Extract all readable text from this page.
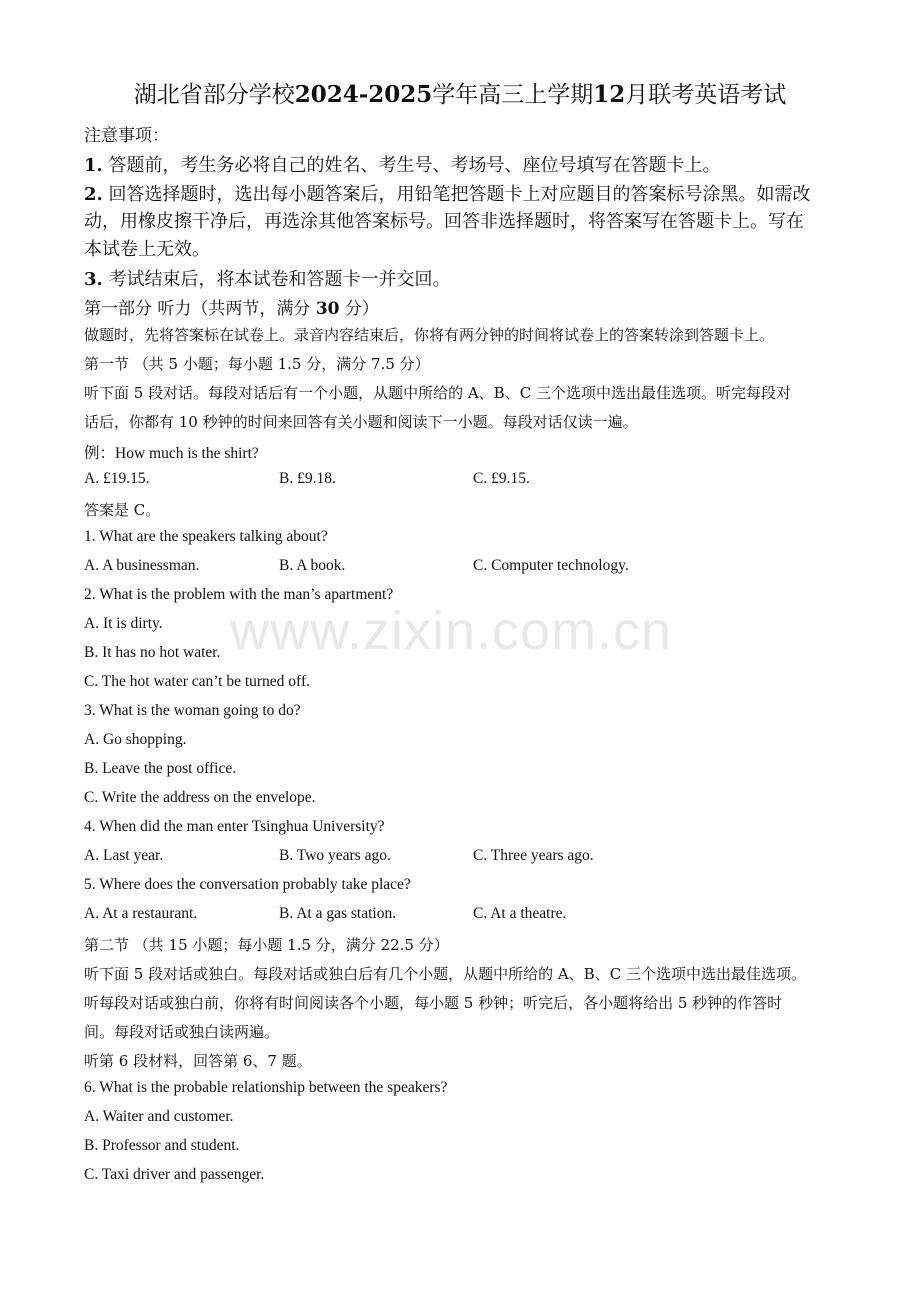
湖北省部分学校2024-2025学年高三上学期12月联考英语考试
注意事项：
1. 答题前，考生务必将自己的姓名、考生号、考场号、座位号填写在答题卡上。
2. 回答选择题时，选出每小题答案后，用铅笔把答题卡上对应题目的答案标号涂黑。如需改
动，用橡皮擦干净后，再选涂其他答案标号。回答非选择题时，将答案写在答题卡上。写在
本试卷上无效。
3. 考试结束后，将本试卷和答题卡一并交回。
第一部分 听力（共两节，满分 30 分）
做题时，先将答案标在试卷上。录音内容结束后，你将有两分钟的时间将试卷上的答案转涂到答题卡上。
第一节 （共 5 小题；每小题 1.5 分，满分 7.5 分）
听下面 5 段对话。每段对话后有一个小题，从题中所给的 A、B、C 三个选项中选出最佳选项。听完每段对
话后，你都有 10 秒钟的时间来回答有关小题和阅读下一小题。每段对话仅读一遍。
例：How much is the shirt?
A. £19.15.	B. £9.18.	C. £9.15.
答案是 C。
1. What are the speakers talking about?
A. A businessman.	B. A book.	C. Computer technology.
2. What is the problem with the man’s apartment?
A. It is dirty.
B. It has no hot water.
C. The hot water can’t be turned off.
3. What is the woman going to do?
A. Go shopping.
B. Leave the post office.
C. Write the address on the envelope.
4. When did the man enter Tsinghua University?
A. Last year.	B. Two years ago.	C. Three years ago.
5. Where does the conversation probably take place?
A. At a restaurant.	B. At a gas station.	C. At a theatre.
第二节 （共 15 小题；每小题 1.5 分，满分 22.5 分）
听下面 5 段对话或独白。每段对话或独白后有几个小题，从题中所给的 A、B、C 三个选项中选出最佳选项。
听每段对话或独白前，你将有时间阅读各个小题，每小题 5 秒钟；听完后，各小题将给出 5 秒钟的作答时
间。每段对话或独白读两遍。
听第 6 段材料，回答第 6、7 题。
6. What is the probable relationship between the speakers?
A. Waiter and customer.
B. Professor and student.
C. Taxi driver and passenger.
www.zixin.com.cn
